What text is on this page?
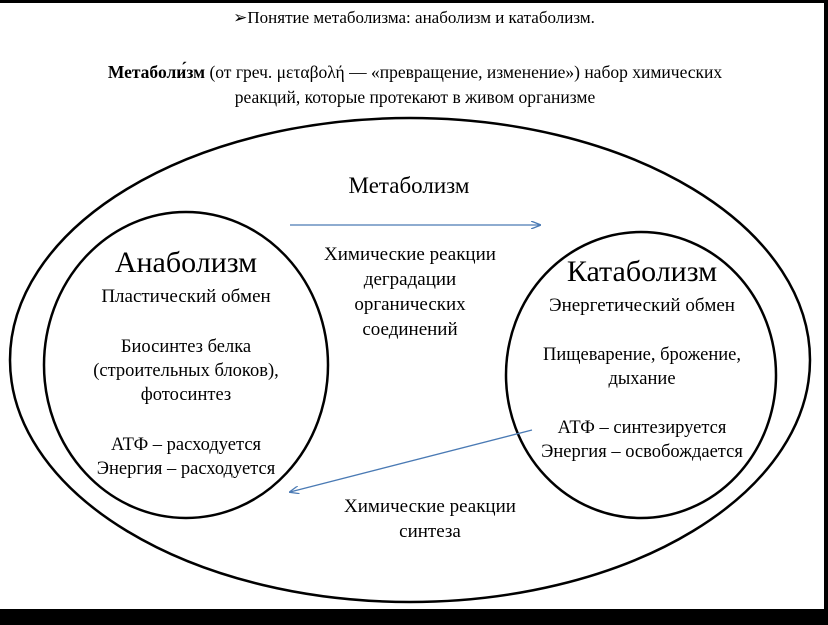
➢Понятие метаболизма: анаболизм и катаболизм.
Метаболи́зм (от греч. μεταβολή — «превращение, изменение») набор химических
реакций, которые протекают в живом организме
Метаболизм
Анаболизм
Пластический обмен
Биосинтез белка
(строительных блоков),
фотосинтез
АТФ – расходуется
Энергия – расходуется
Катаболизм
Энергетический обмен
Пищеварение, брожение,
дыхание
АТФ – синтезируется
Энергия – освобождается
Химические реакции
деградации
органических
соединений
Химические реакции
синтеза
